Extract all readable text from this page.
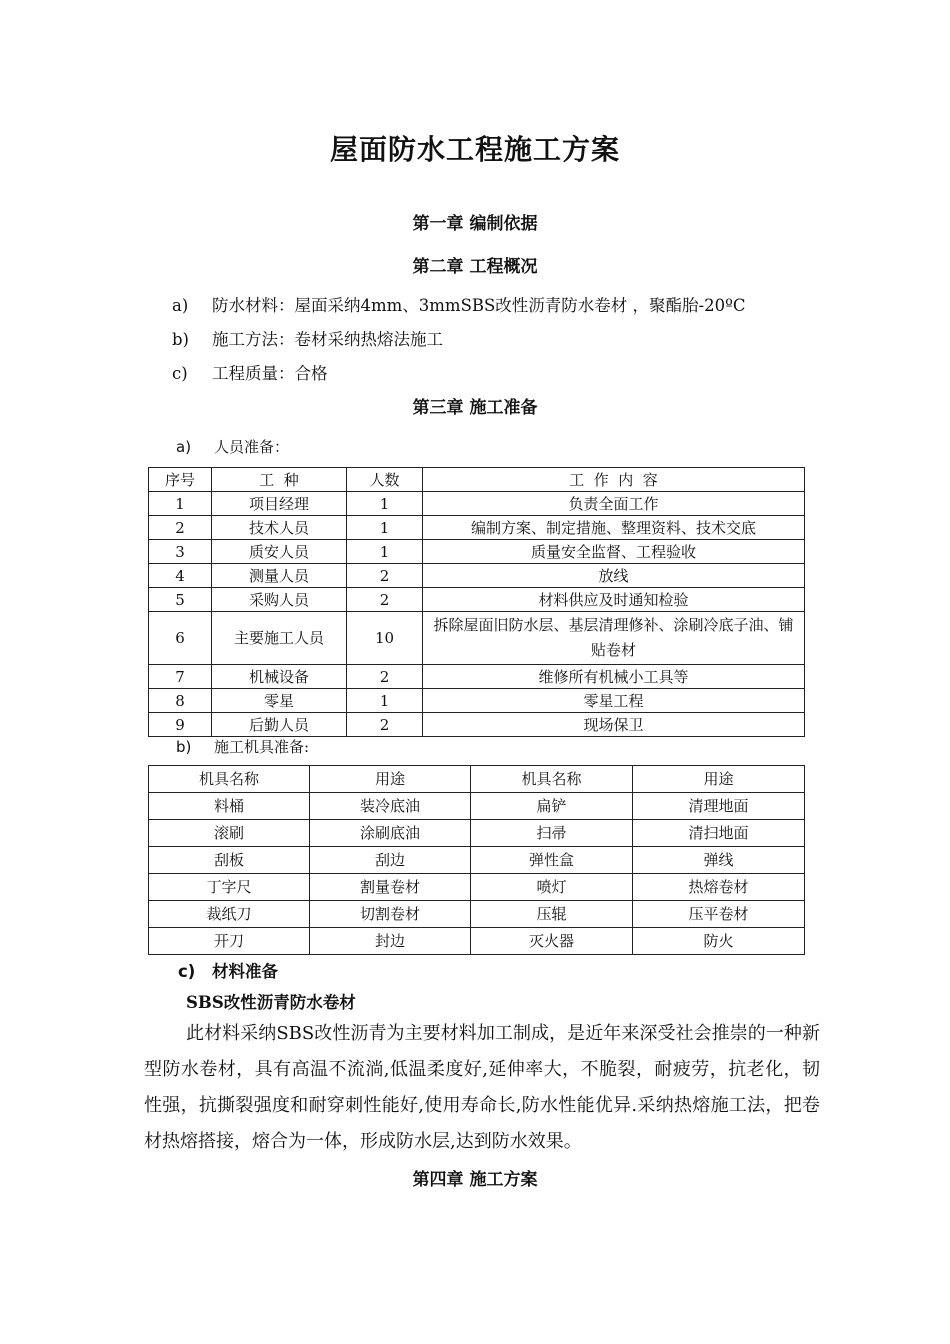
屋面防水工程施工方案
第一章 编制依据
第二章 工程概况
a) 防水材料：屋面采纳4mm、3mmSBS改性沥青防水卷材 ，聚酯胎-20ºC
b) 施工方法：卷材采纳热熔法施工
c) 工程质量：合格
第三章 施工准备
a) 人员准备：
序号	工  种	人数	工  作  内  容
1	项目经理	1	负责全面工作
2	技术人员	1	编制方案、制定措施、整理资料、技术交底
3	质安人员	1	质量安全监督、工程验收
4	测量人员	2	放线
5	采购人员	2	材料供应及时通知检验
6	主要施工人员	10	拆除屋面旧防水层、基层清理修补、涂刷冷底子油、铺贴卷材
7	机械设备	2	维修所有机械小工具等
8	零星	1	零星工程
9	后勤人员	2	现场保卫
b) 施工机具准备:
机具名称	用途	机具名称	用途
料桶	装冷底油	扁铲	清理地面
滚刷	涂刷底油	扫帚	清扫地面
刮板	刮边	弹性盒	弹线
丁字尺	割量卷材	喷灯	热熔卷材
裁纸刀	切割卷材	压辊	压平卷材
开刀	封边	灭火器	防火
c) 材料准备
SBS改性沥青防水卷材
此材料采纳SBS改性沥青为主要材料加工制成，是近年来深受社会推崇的一种新型防水卷材，具有高温不流淌,低温柔度好,延伸率大，不脆裂，耐疲劳，抗老化，韧性强，抗撕裂强度和耐穿刺性能好,使用寿命长,防水性能优异.采纳热熔施工法，把卷材热熔搭接，熔合为一体，形成防水层,达到防水效果。
第四章 施工方案
